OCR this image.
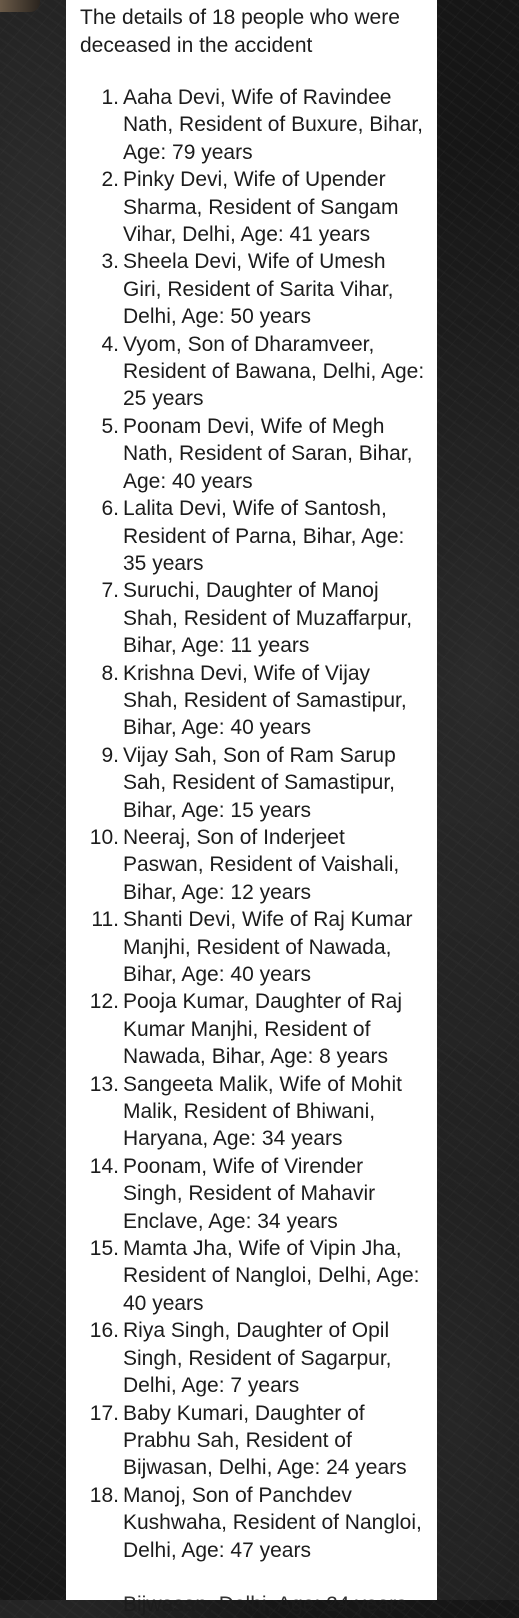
The details of 18 people who were deceased in the accident

1. Aaha Devi, Wife of Ravindee Nath, Resident of Buxure, Bihar, Age: 79 years
2. Pinky Devi, Wife of Upender Sharma, Resident of Sangam Vihar, Delhi, Age: 41 years
3. Sheela Devi, Wife of Umesh Giri, Resident of Sarita Vihar, Delhi, Age: 50 years
4. Vyom, Son of Dharamveer, Resident of Bawana, Delhi, Age: 25 years
5. Poonam Devi, Wife of Megh Nath, Resident of Saran, Bihar, Age: 40 years
6. Lalita Devi, Wife of Santosh, Resident of Parna, Bihar, Age: 35 years
7. Suruchi, Daughter of Manoj Shah, Resident of Muzaffarpur, Bihar, Age: 11 years
8. Krishna Devi, Wife of Vijay Shah, Resident of Samastipur, Bihar, Age: 40 years
9. Vijay Sah, Son of Ram Sarup Sah, Resident of Samastipur, Bihar, Age: 15 years
10. Neeraj, Son of Inderjeet Paswan, Resident of Vaishali, Bihar, Age: 12 years
11. Shanti Devi, Wife of Raj Kumar Manjhi, Resident of Nawada, Bihar, Age: 40 years
12. Pooja Kumar, Daughter of Raj Kumar Manjhi, Resident of Nawada, Bihar, Age: 8 years
13. Sangeeta Malik, Wife of Mohit Malik, Resident of Bhiwani, Haryana, Age: 34 years
14. Poonam, Wife of Virender Singh, Resident of Mahavir Enclave, Age: 34 years
15. Mamta Jha, Wife of Vipin Jha, Resident of Nangloi, Delhi, Age: 40 years
16. Riya Singh, Daughter of Opil Singh, Resident of Sagarpur, Delhi, Age: 7 years
17. Baby Kumari, Daughter of Prabhu Sah, Resident of Bijwasan, Delhi, Age: 24 years
18. Manoj, Son of Panchdev Kushwaha, Resident of Nangloi, Delhi, Age: 47 years
Bijwasan, Delhi, Age: 24 years
